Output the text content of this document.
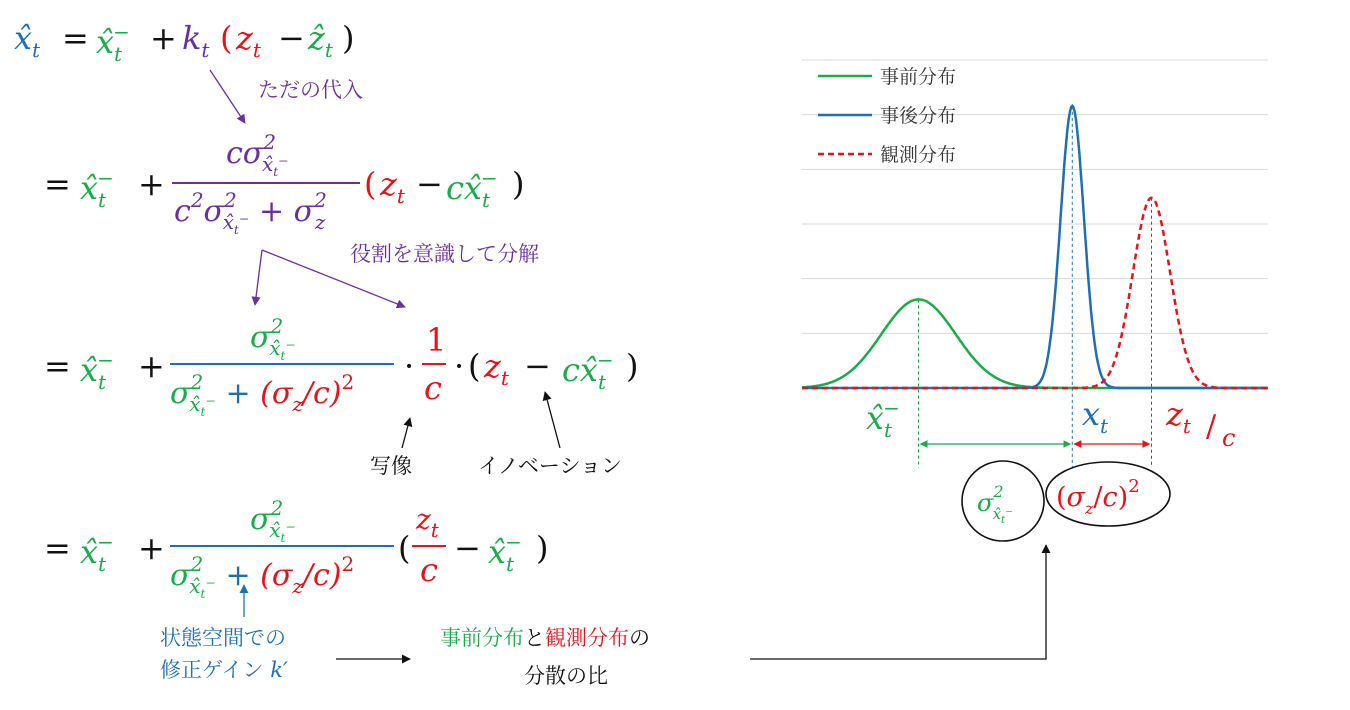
事前分布
事後分布
観測分布
$x̂_t$ = $x̂_t^- + k_t$ ( $z_t$ − ẑ$_t$ )
ただの代入
= $x̂_t^-$ +
$c\sigma^2_{x̂_t^-}$
$c^2\sigma^2_{x̂_t^-} + \sigma^2_z$
( $z_t$ − $cx̂_t^-$ )
役割を意識して分解
= $x̂_t^-$ +
$\sigma^2_{x̂_t^-}$
$\sigma^2_{x̂_t^-} + (\sigma_z/c)^2$ ·
1
c
· ( $z_t$ − $cx̂_t^-$ )
写像	イノベーション
= $x̂_t^-$ +
$\sigma^2_{x̂_t^-}$
$\sigma^2_{x̂_t^-} + (\sigma_z/c)^2$ (
$z_t$
c
− $x̂_t^-$ )
状態空間での
修正ゲイン k′
事前分布と観測分布の
分散の比
$x̂_t^-$	$x_t$ $z_t$ / c
$\sigma^2_{x̂_t^-}$
$(\sigma_z/c)^2$
